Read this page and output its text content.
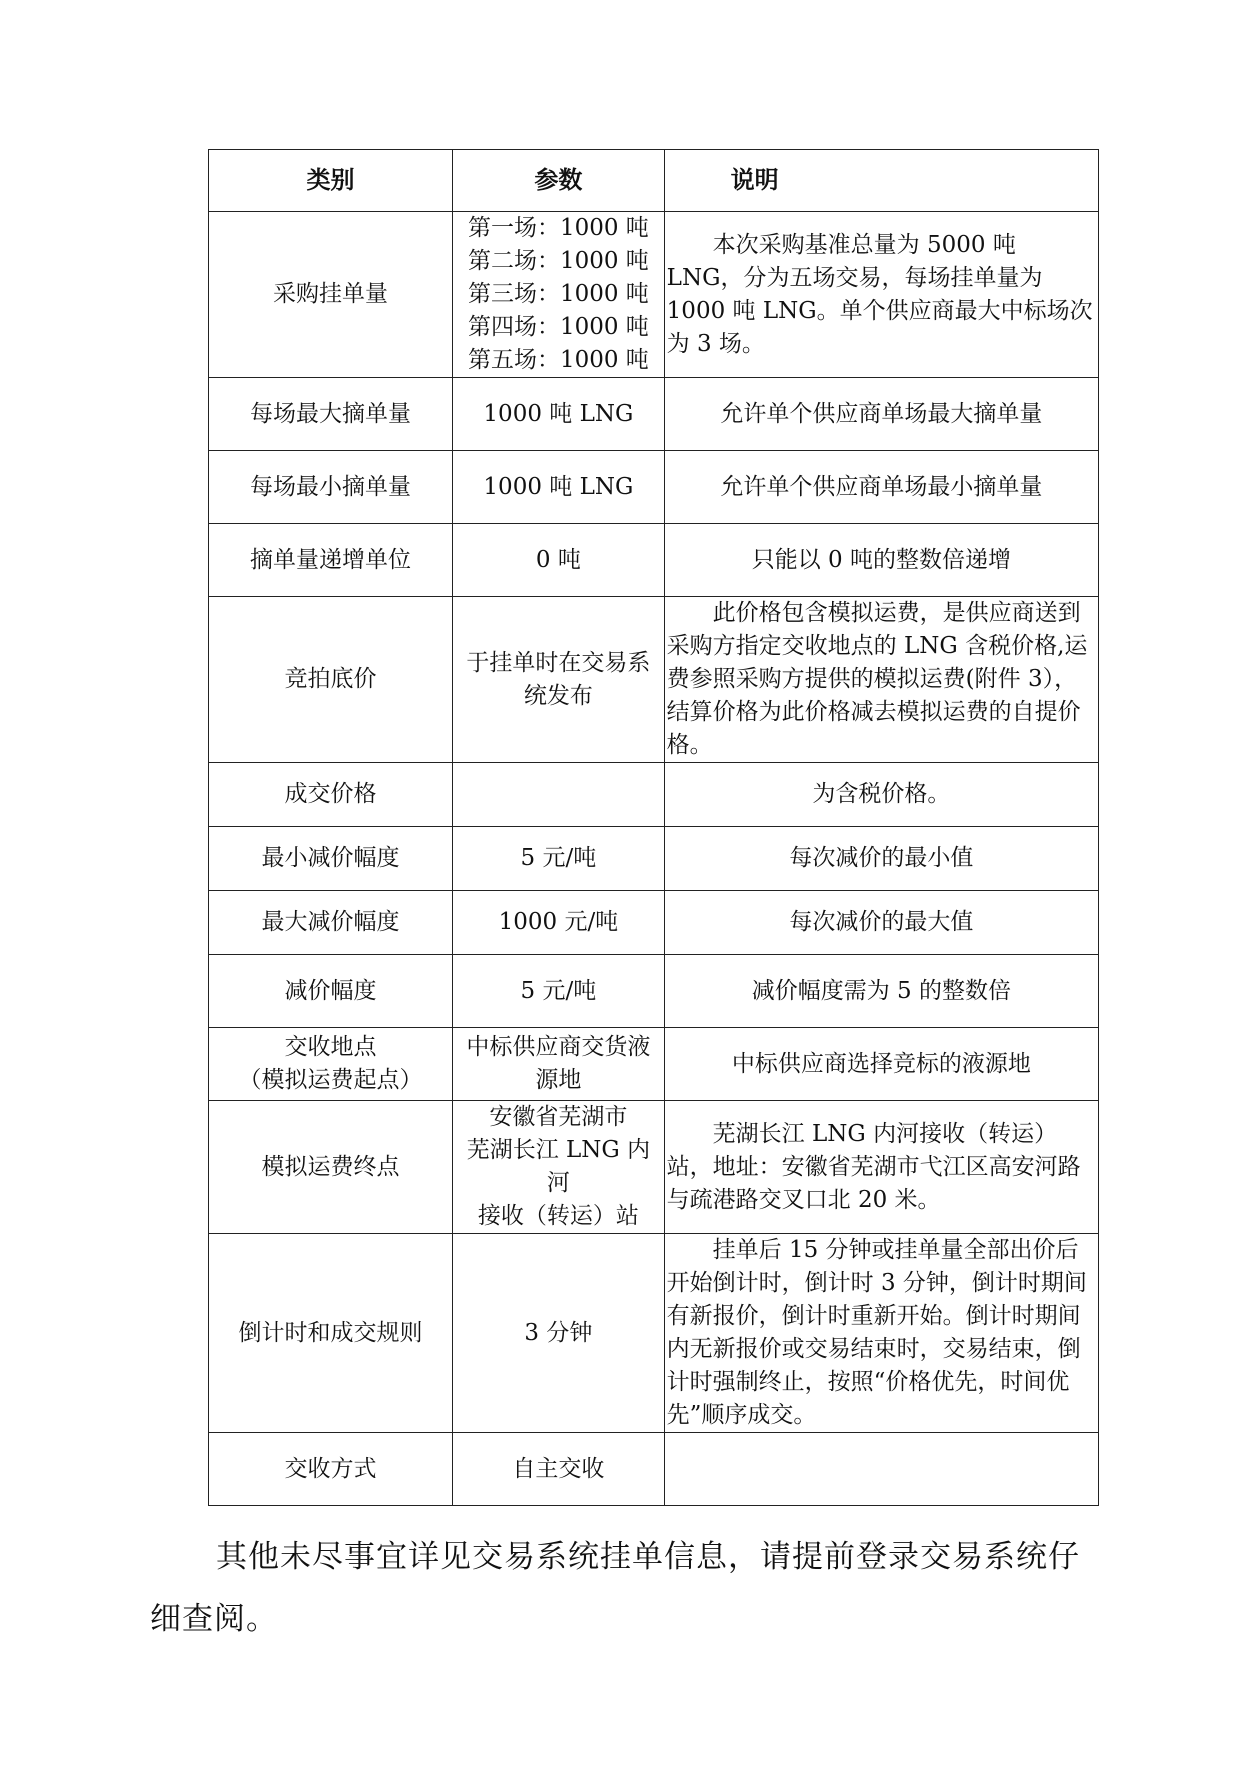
类别	参数	说明
采购挂单量	第一场：1000 吨
第二场：1000 吨
第三场：1000 吨
第四场：1000 吨
第五场：1000 吨	本次采购基准总量为 5000 吨 LNG，分为五场交易，每场挂单量为 1000 吨 LNG。单个供应商最大中标场次为 3 场。
每场最大摘单量	1000 吨 LNG	允许单个供应商单场最大摘单量
每场最小摘单量	1000 吨 LNG	允许单个供应商单场最小摘单量
摘单量递增单位	0 吨	只能以 0 吨的整数倍递增
竞拍底价	于挂单时在交易系统发布	此价格包含模拟运费，是供应商送到采购方指定交收地点的 LNG 含税价格,运费参照采购方提供的模拟运费(附件 3），结算价格为此价格减去模拟运费的自提价格。
成交价格		为含税价格。
最小减价幅度	5 元/吨	每次减价的最小值
最大减价幅度	1000 元/吨	每次减价的最大值
减价幅度	5 元/吨	减价幅度需为 5 的整数倍

交收地点
（模拟运费起点）	中标供应商交货液源地	中标供应商选择竞标的液源地
模拟运费终点	安徽省芜湖市
芜湖长江 LNG 内河
接收（转运）站	芜湖长江 LNG 内河接收（转运）站，地址：安徽省芜湖市弋江区高安河路与疏港路交叉口北 20 米。
倒计时和成交规则	3 分钟	挂单后 15 分钟或挂单量全部出价后开始倒计时，倒计时 3 分钟，倒计时期间有新报价，倒计时重新开始。倒计时期间内无新报价或交易结束时，交易结束，倒计时强制终止，按照“价格优先，时间优先”顺序成交。
交收方式	自主交收	

其他未尽事宜详见交易系统挂单信息，请提前登录交易系统仔细查阅。
